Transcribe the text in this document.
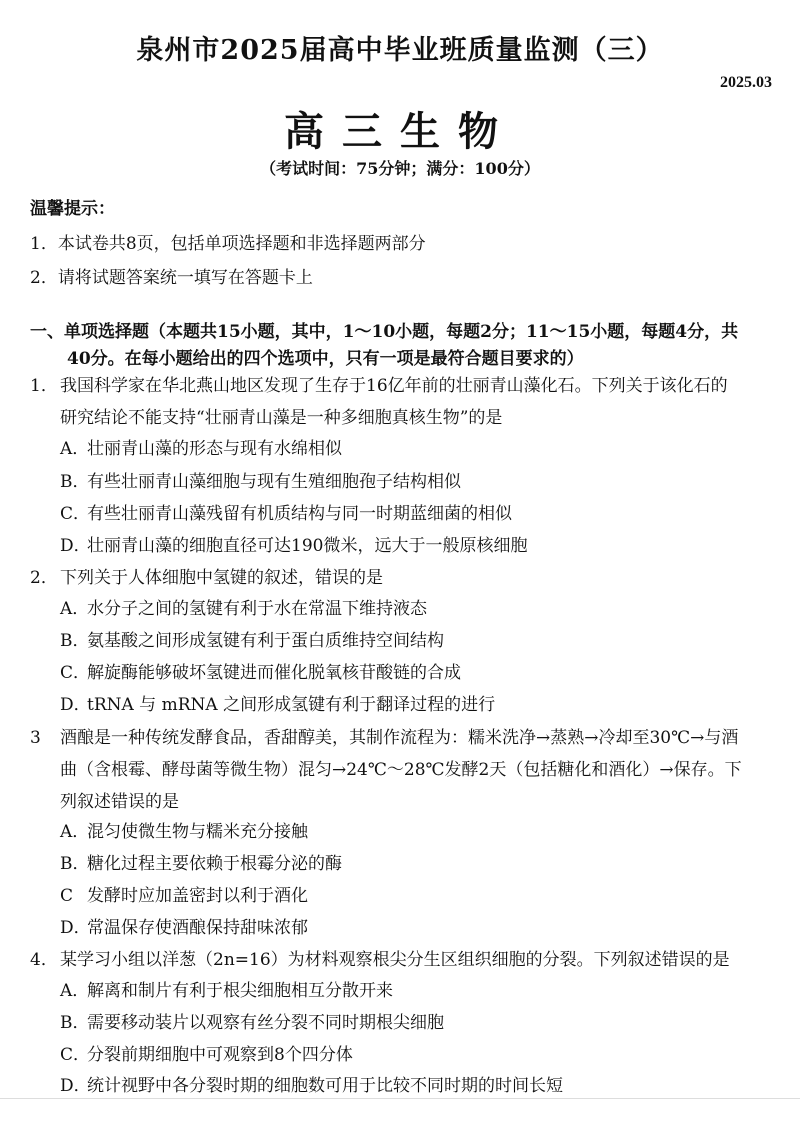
泉州市2025届高中毕业班质量监测（三）
2025.03
高三生物
（考试时间：75分钟；满分：100分）
温馨提示：
1．本试卷共8页，包括单项选择题和非选择题两部分
2．请将试题答案统一填写在答题卡上
一、单项选择题（本题共15小题，其中，1～10小题，每题2分；11～15小题，每题4分，共
40分。在每小题给出的四个选项中，只有一项是最符合题目要求的）
1． 我国科学家在华北燕山地区发现了生存于16亿年前的壮丽青山藻化石。下列关于该化石的
研究结论不能支持“壮丽青山藻是一种多细胞真核生物”的是
A．壮丽青山藻的形态与现有水绵相似
B．有些壮丽青山藻细胞与现有生殖细胞孢子结构相似
C．有些壮丽青山藻残留有机质结构与同一时期蓝细菌的相似
D．壮丽青山藻的细胞直径可达190微米，远大于一般原核细胞
2． 下列关于人体细胞中氢键的叙述，错误的是
A．水分子之间的氢键有利于水在常温下维持液态
B．氨基酸之间形成氢键有利于蛋白质维持空间结构
C．解旋酶能够破坏氢键进而催化脱氧核苷酸链的合成
D．tRNA 与 mRNA 之间形成氢键有利于翻译过程的进行
3 酒酿是一种传统发酵食品，香甜醇美，其制作流程为：糯米洗净→蒸熟→冷却至30℃→与酒
曲（含根霉、酵母菌等微生物）混匀→24℃～28℃发酵2天（包括糖化和酒化）→保存。下
列叙述错误的是
A．混匀使微生物与糯米充分接触
B．糖化过程主要依赖于根霉分泌的酶
C 发酵时应加盖密封以利于酒化
D．常温保存使酒酿保持甜味浓郁
4． 某学习小组以洋葱（2n=16）为材料观察根尖分生区组织细胞的分裂。下列叙述错误的是
A．解离和制片有利于根尖细胞相互分散开来
B．需要移动装片以观察有丝分裂不同时期根尖细胞
C．分裂前期细胞中可观察到8个四分体
D．统计视野中各分裂时期的细胞数可用于比较不同时期的时间长短
